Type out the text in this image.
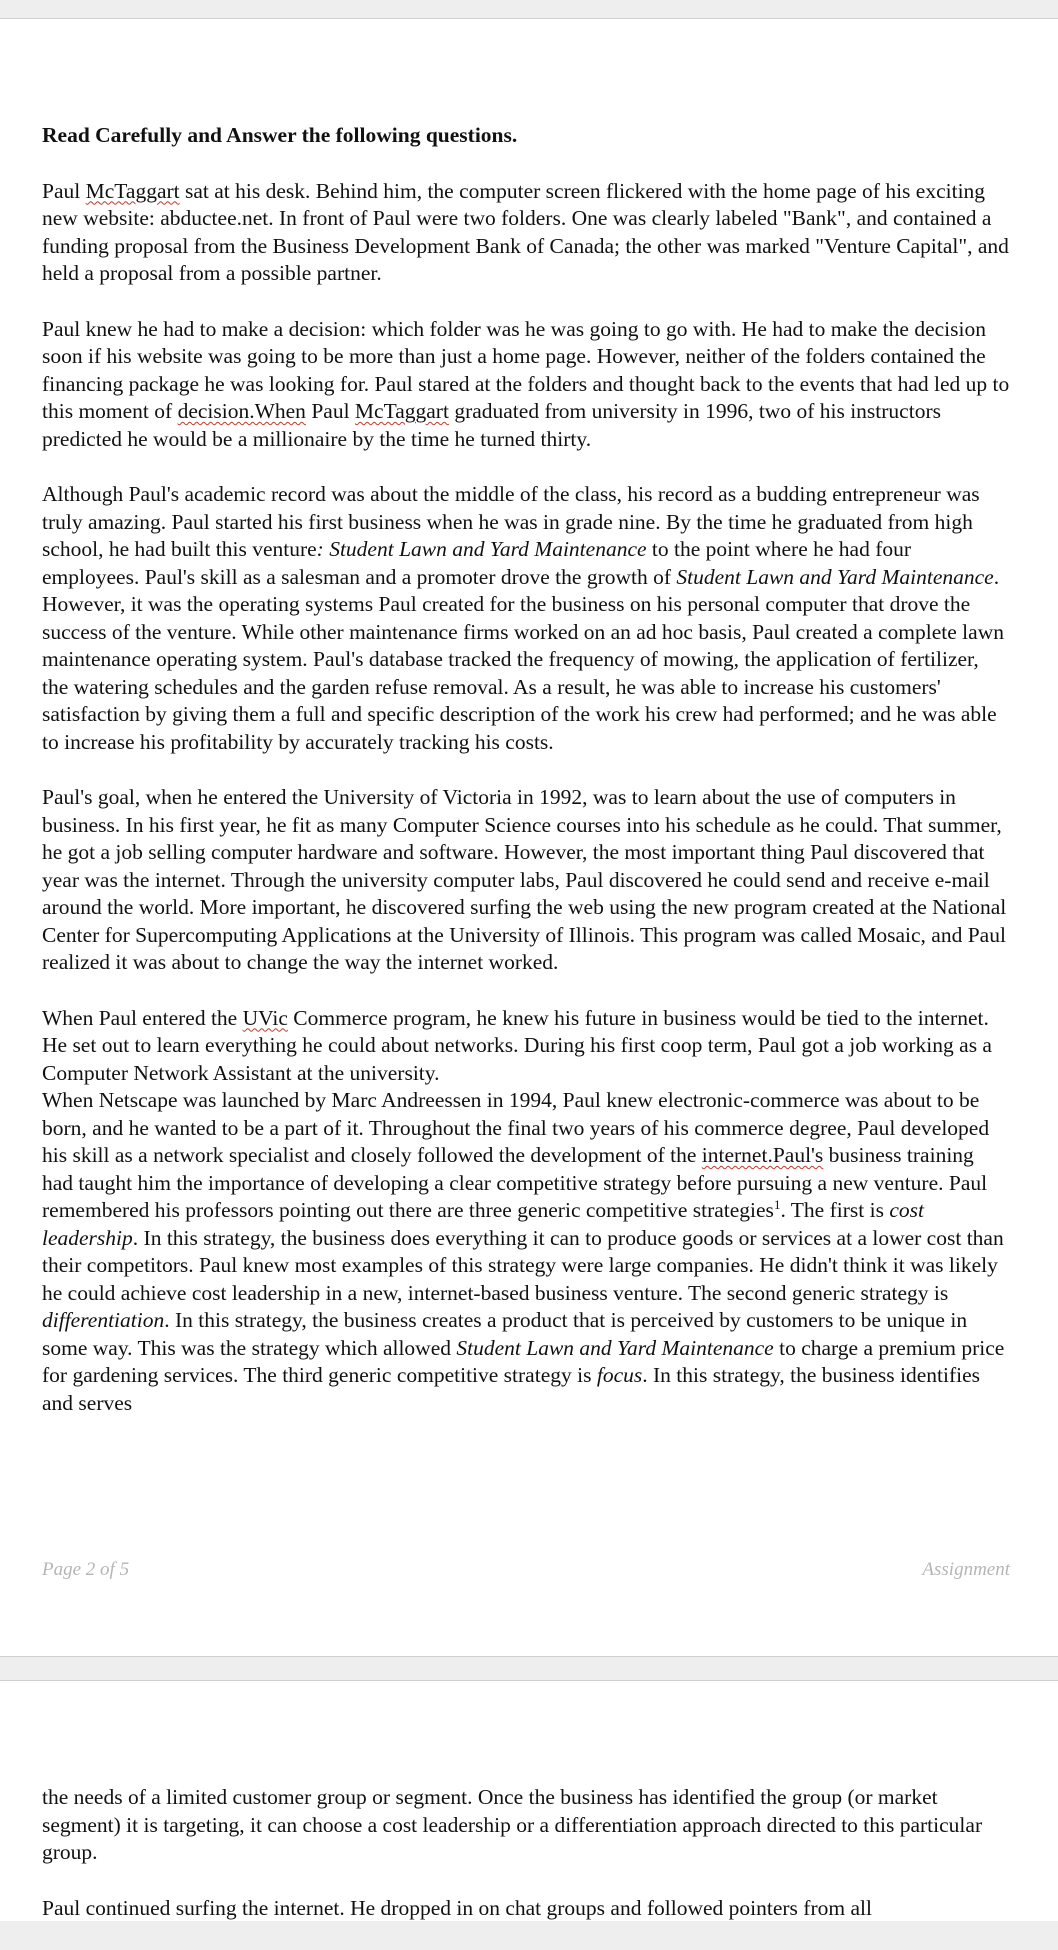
Read Carefully and Answer the following questions.

Paul McTaggart sat at his desk. Behind him, the computer screen flickered with the home page of his exciting new website: abductee.net. In front of Paul were two folders. One was clearly labeled "Bank", and contained a funding proposal from the Business Development Bank of Canada; the other was marked "Venture Capital", and held a proposal from a possible partner.

Paul knew he had to make a decision: which folder was he was going to go with. He had to make the decision soon if his website was going to be more than just a home page. However, neither of the folders contained the financing package he was looking for. Paul stared at the folders and thought back to the events that had led up to this moment of decision.When Paul McTaggart graduated from university in 1996, two of his instructors predicted he would be a millionaire by the time he turned thirty.

Although Paul's academic record was about the middle of the class, his record as a budding entrepreneur was truly amazing. Paul started his first business when he was in grade nine. By the time he graduated from high school, he had built this venture: Student Lawn and Yard Maintenance to the point where he had four employees. Paul's skill as a salesman and a promoter drove the growth of Student Lawn and Yard Maintenance. However, it was the operating systems Paul created for the business on his personal computer that drove the success of the venture. While other maintenance firms worked on an ad hoc basis, Paul created a complete lawn maintenance operating system. Paul's database tracked the frequency of mowing, the application of fertilizer, the watering schedules and the garden refuse removal. As a result, he was able to increase his customers' satisfaction by giving them a full and specific description of the work his crew had performed; and he was able to increase his profitability by accurately tracking his costs.

Paul's goal, when he entered the University of Victoria in 1992, was to learn about the use of computers in business. In his first year, he fit as many Computer Science courses into his schedule as he could. That summer, he got a job selling computer hardware and software. However, the most important thing Paul discovered that year was the internet. Through the university computer labs, Paul discovered he could send and receive e-mail around the world. More important, he discovered surfing the web using the new program created at the National Center for Supercomputing Applications at the University of Illinois. This program was called Mosaic, and Paul realized it was about to change the way the internet worked.

When Paul entered the UVic Commerce program, he knew his future in business would be tied to the internet. He set out to learn everything he could about networks. During his first coop term, Paul got a job working as a Computer Network Assistant at the university.

When Netscape was launched by Marc Andreessen in 1994, Paul knew electronic-commerce was about to be born, and he wanted to be a part of it. Throughout the final two years of his commerce degree, Paul developed his skill as a network specialist and closely followed the development of the internet.Paul's business training had taught him the importance of developing a clear competitive strategy before pursuing a new venture. Paul remembered his professors pointing out there are three generic competitive strategies$^1$. The first is cost leadership. In this strategy, the business does everything it can to produce goods or services at a lower cost than their competitors. Paul knew most examples of this strategy were large companies. He didn't think it was likely he could achieve cost leadership in a new, internet-based business venture. The second generic strategy is differentiation. In this strategy, the business creates a product that is perceived by customers to be unique in some way. This was the strategy which allowed Student Lawn and Yard Maintenance to charge a premium price for gardening services. The third generic competitive strategy is focus. In this strategy, the business identifies and serves

Page 2 of 5	Assignment

the needs of a limited customer group or segment. Once the business has identified the group (or market segment) it is targeting, it can choose a cost leadership or a differentiation approach directed to this particular group.

Paul continued surfing the internet. He dropped in on chat groups and followed pointers from all
